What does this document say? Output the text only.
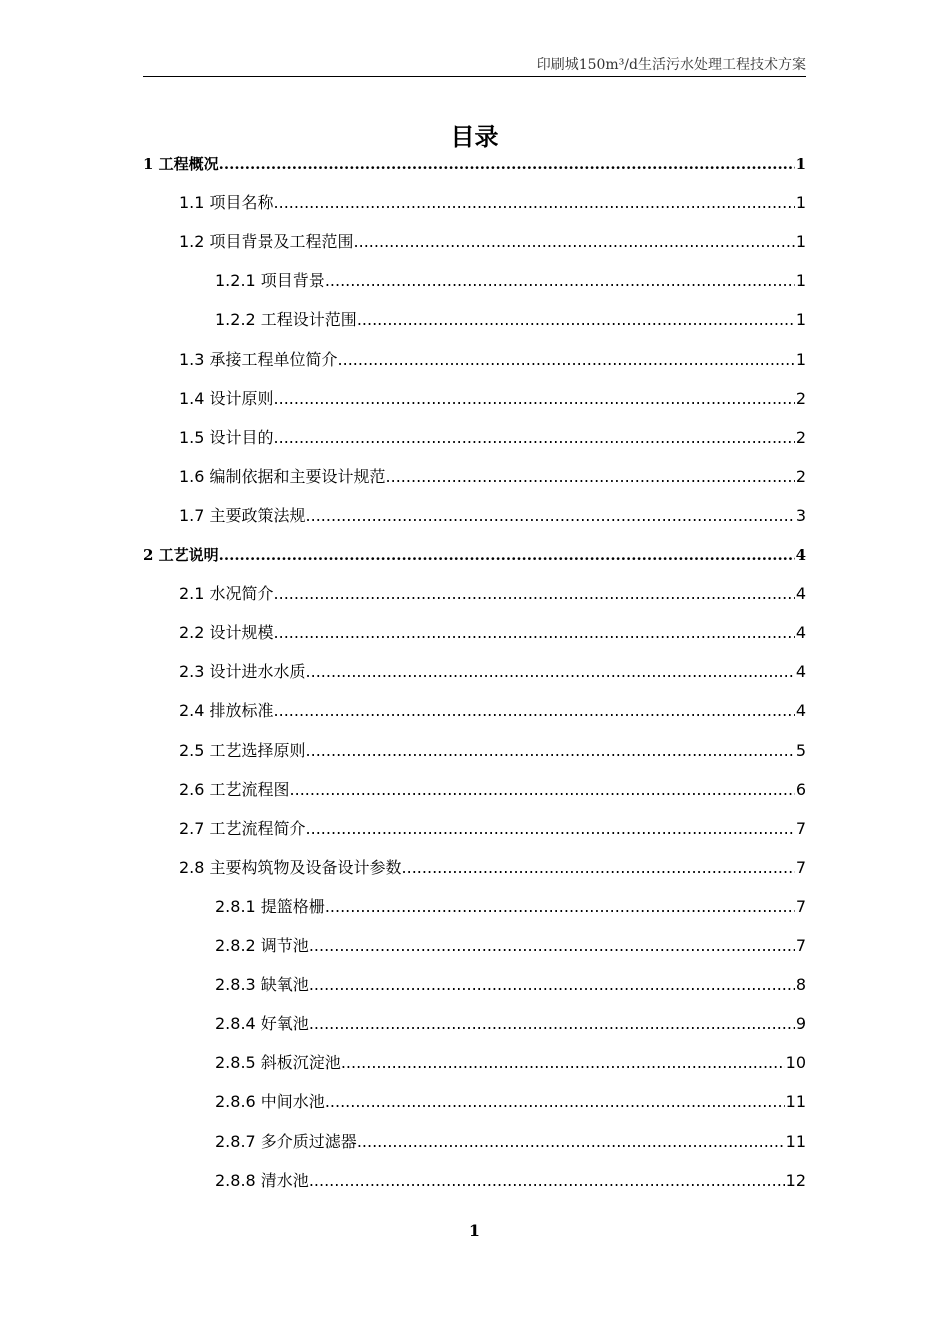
印刷城150m³/d生活污水处理工程技术方案
目录
1 工程概况 .....	1
1.1 项目名称 .....	1
1.2 项目背景及工程范围 .....	1
1.2.1 项目背景 .....	1
1.2.2 工程设计范围 .....	1
1.3 承接工程单位简介 .....	1
1.4 设计原则 .....	2
1.5 设计目的 .....	2
1.6 编制依据和主要设计规范 .....	2
1.7 主要政策法规 .....	3
2 工艺说明 .....	4
2.1 水况简介 .....	4
2.2 设计规模 .....	4
2.3 设计进水水质 .....	4
2.4 排放标准 .....	4
2.5 工艺选择原则 .....	5
2.6 工艺流程图 .....	6
2.7 工艺流程简介 .....	7
2.8 主要构筑物及设备设计参数 .....	7
2.8.1 提篮格栅 .....	7
2.8.2 调节池 .....	7
2.8.3 缺氧池 .....	8
2.8.4 好氧池 .....	9
2.8.5 斜板沉淀池 .....	10
2.8.6 中间水池 .....	11
2.8.7 多介质过滤器 .....	11
2.8.8 清水池 .....	12
1
